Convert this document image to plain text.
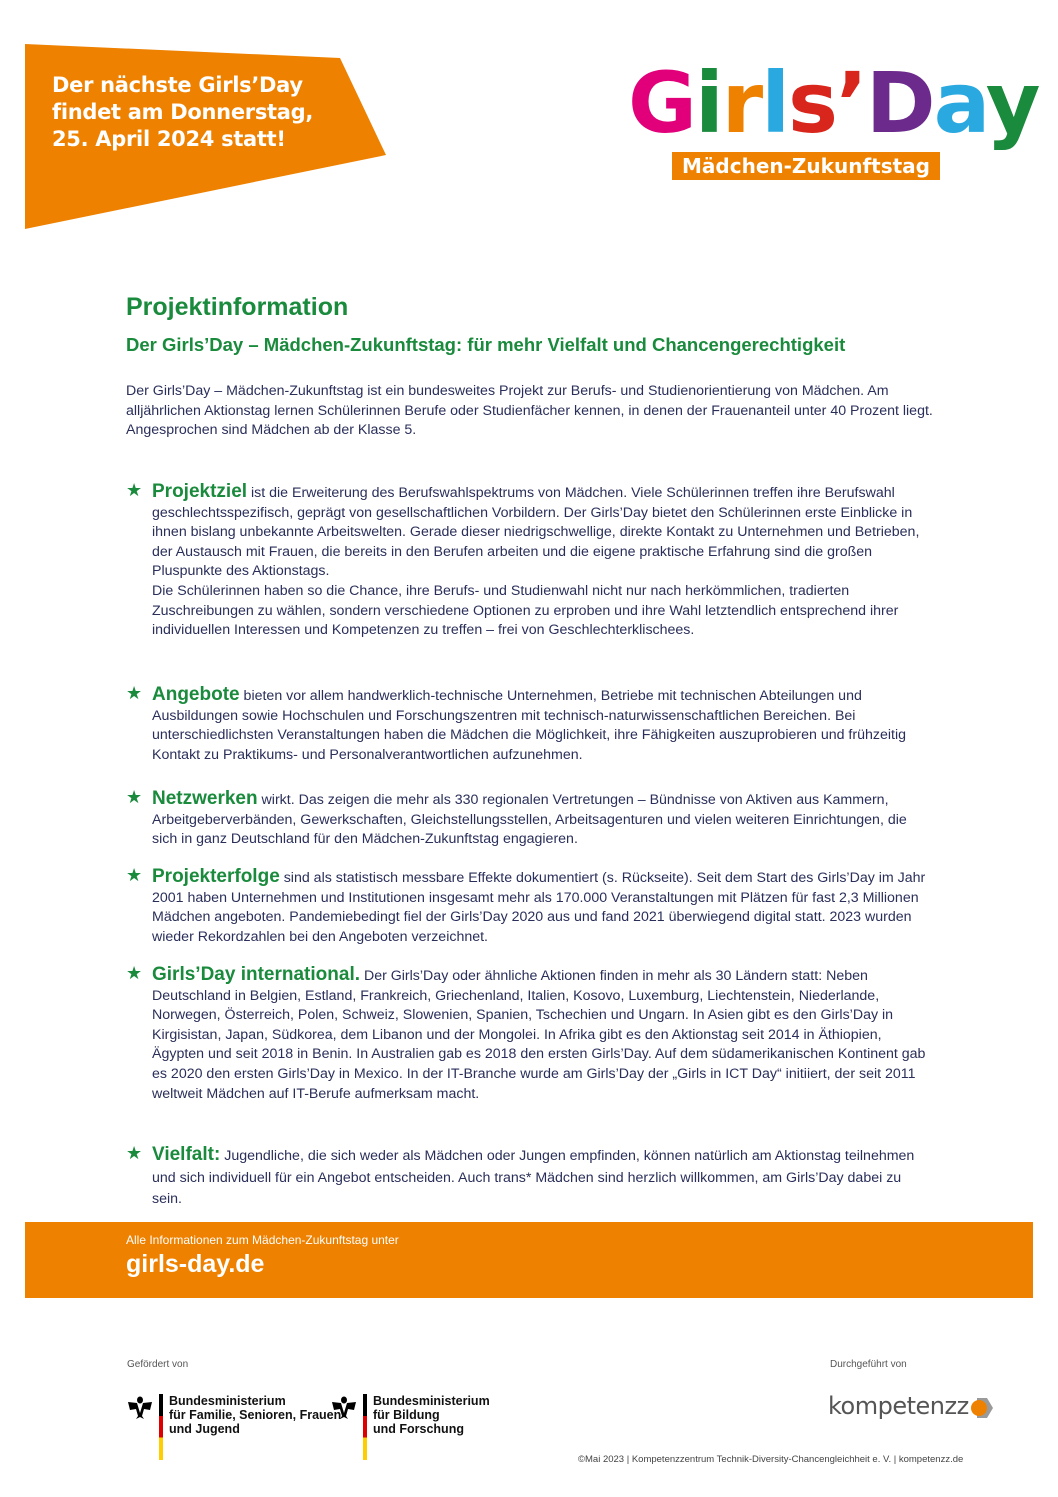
Der nächste Girls’Day
findet am Donnerstag,
25. April 2024 statt!	Girls’Day
Mädchen-Zukunftstag
Projektinformation
Der Girls’Day – Mädchen-Zukunftstag: für mehr Vielfalt und Chancengerechtigkeit

Der Girls’Day – Mädchen-Zukunftstag ist ein bundesweites Projekt zur Berufs- und Studienorientierung von Mädchen. Am alljährlichen Aktionstag lernen Schülerinnen Berufe oder Studienfächer kennen, in denen der Frauenanteil unter 40 Prozent liegt. Angesprochen sind Mädchen ab der Klasse 5.

★ Projektziel ist die Erweiterung des Berufswahlspektrums von Mädchen. Viele Schülerinnen treffen ihre Berufswahl geschlechtsspezifisch, geprägt von gesellschaftlichen Vorbildern. Der Girls’Day bietet den Schülerinnen erste Einblicke in ihnen bislang unbekannte Arbeitswelten. Gerade dieser niedrigschwellige, direkte Kontakt zu Unternehmen und Betrieben, der Austausch mit Frauen, die bereits in den Berufen arbeiten und die eigene praktische Erfahrung sind die großen Pluspunkte des Aktionstags.
Die Schülerinnen haben so die Chance, ihre Berufs- und Studienwahl nicht nur nach herkömmlichen, tradierten Zuschreibungen zu wählen, sondern verschiedene Optionen zu erproben und ihre Wahl letztendlich entsprechend ihrer individuellen Interessen und Kompetenzen zu treffen – frei von Geschlechterklischees.
★ Angebote bieten vor allem handwerklich-technische Unternehmen, Betriebe mit technischen Abteilungen und Ausbildungen sowie Hochschulen und Forschungszentren mit technisch-naturwissenschaftlichen Bereichen. Bei unterschiedlichsten Veranstaltungen haben die Mädchen die Möglichkeit, ihre Fähigkeiten auszuprobieren und frühzeitig Kontakt zu Praktikums- und Personalverantwortlichen aufzunehmen.
★ Netzwerken wirkt. Das zeigen die mehr als 330 regionalen Vertretungen – Bündnisse von Aktiven aus Kammern, Arbeitgeberverbänden, Gewerkschaften, Gleichstellungsstellen, Arbeitsagenturen und vielen weiteren Einrichtungen, die sich in ganz Deutschland für den Mädchen-Zukunftstag engagieren.
★ Projekterfolge sind als statistisch messbare Effekte dokumentiert (s. Rückseite). Seit dem Start des Girls’Day im Jahr 2001 haben Unternehmen und Institutionen insgesamt mehr als 170.000 Veranstaltungen mit Plätzen für fast 2,3 Millionen Mädchen angeboten. Pandemiebedingt fiel der Girls’Day 2020 aus und fand 2021 überwiegend digital statt. 2023 wurden wieder Rekordzahlen bei den Angeboten verzeichnet.
★ Girls’Day international. Der Girls’Day oder ähnliche Aktionen finden in mehr als 30 Ländern statt: Neben Deutschland in Belgien, Estland, Frankreich, Griechenland, Italien, Kosovo, Luxemburg, Liechtenstein, Niederlande, Norwegen, Österreich, Polen, Schweiz, Slowenien, Spanien, Tschechien und Ungarn. In Asien gibt es den Girls’Day in Kirgisistan, Japan, Südkorea, dem Libanon und der Mongolei. In Afrika gibt es den Aktionstag seit 2014 in Äthiopien, Ägypten und seit 2018 in Benin. In Australien gab es 2018 den ersten Girls’Day. Auf dem südamerikanischen Kontinent gab es 2020 den ersten Girls’Day in Mexico. In der IT-Branche wurde am Girls’Day der „Girls in ICT Day“ initiiert, der seit 2011 weltweit Mädchen auf IT-Berufe aufmerksam macht.
★ Vielfalt: Jugendliche, die sich weder als Mädchen oder Jungen empfinden, können natürlich am Aktionstag teilnehmen und sich individuell für ein Angebot entscheiden. Auch trans* Mädchen sind herzlich willkommen, am Girls’Day dabei zu sein.
Alle Informationen zum Mädchen-Zukunftstag unter
girls-day.de
Gefördert von
Bundesministerium
für Familie, Senioren, Frauen
und Jugend
Bundesministerium
für Bildung
und Forschung
Durchgeführt von
kompetenzz
©Mai 2023 | Kompetenzzentrum Technik-Diversity-Chancengleichheit e. V. | kompetenzz.de
